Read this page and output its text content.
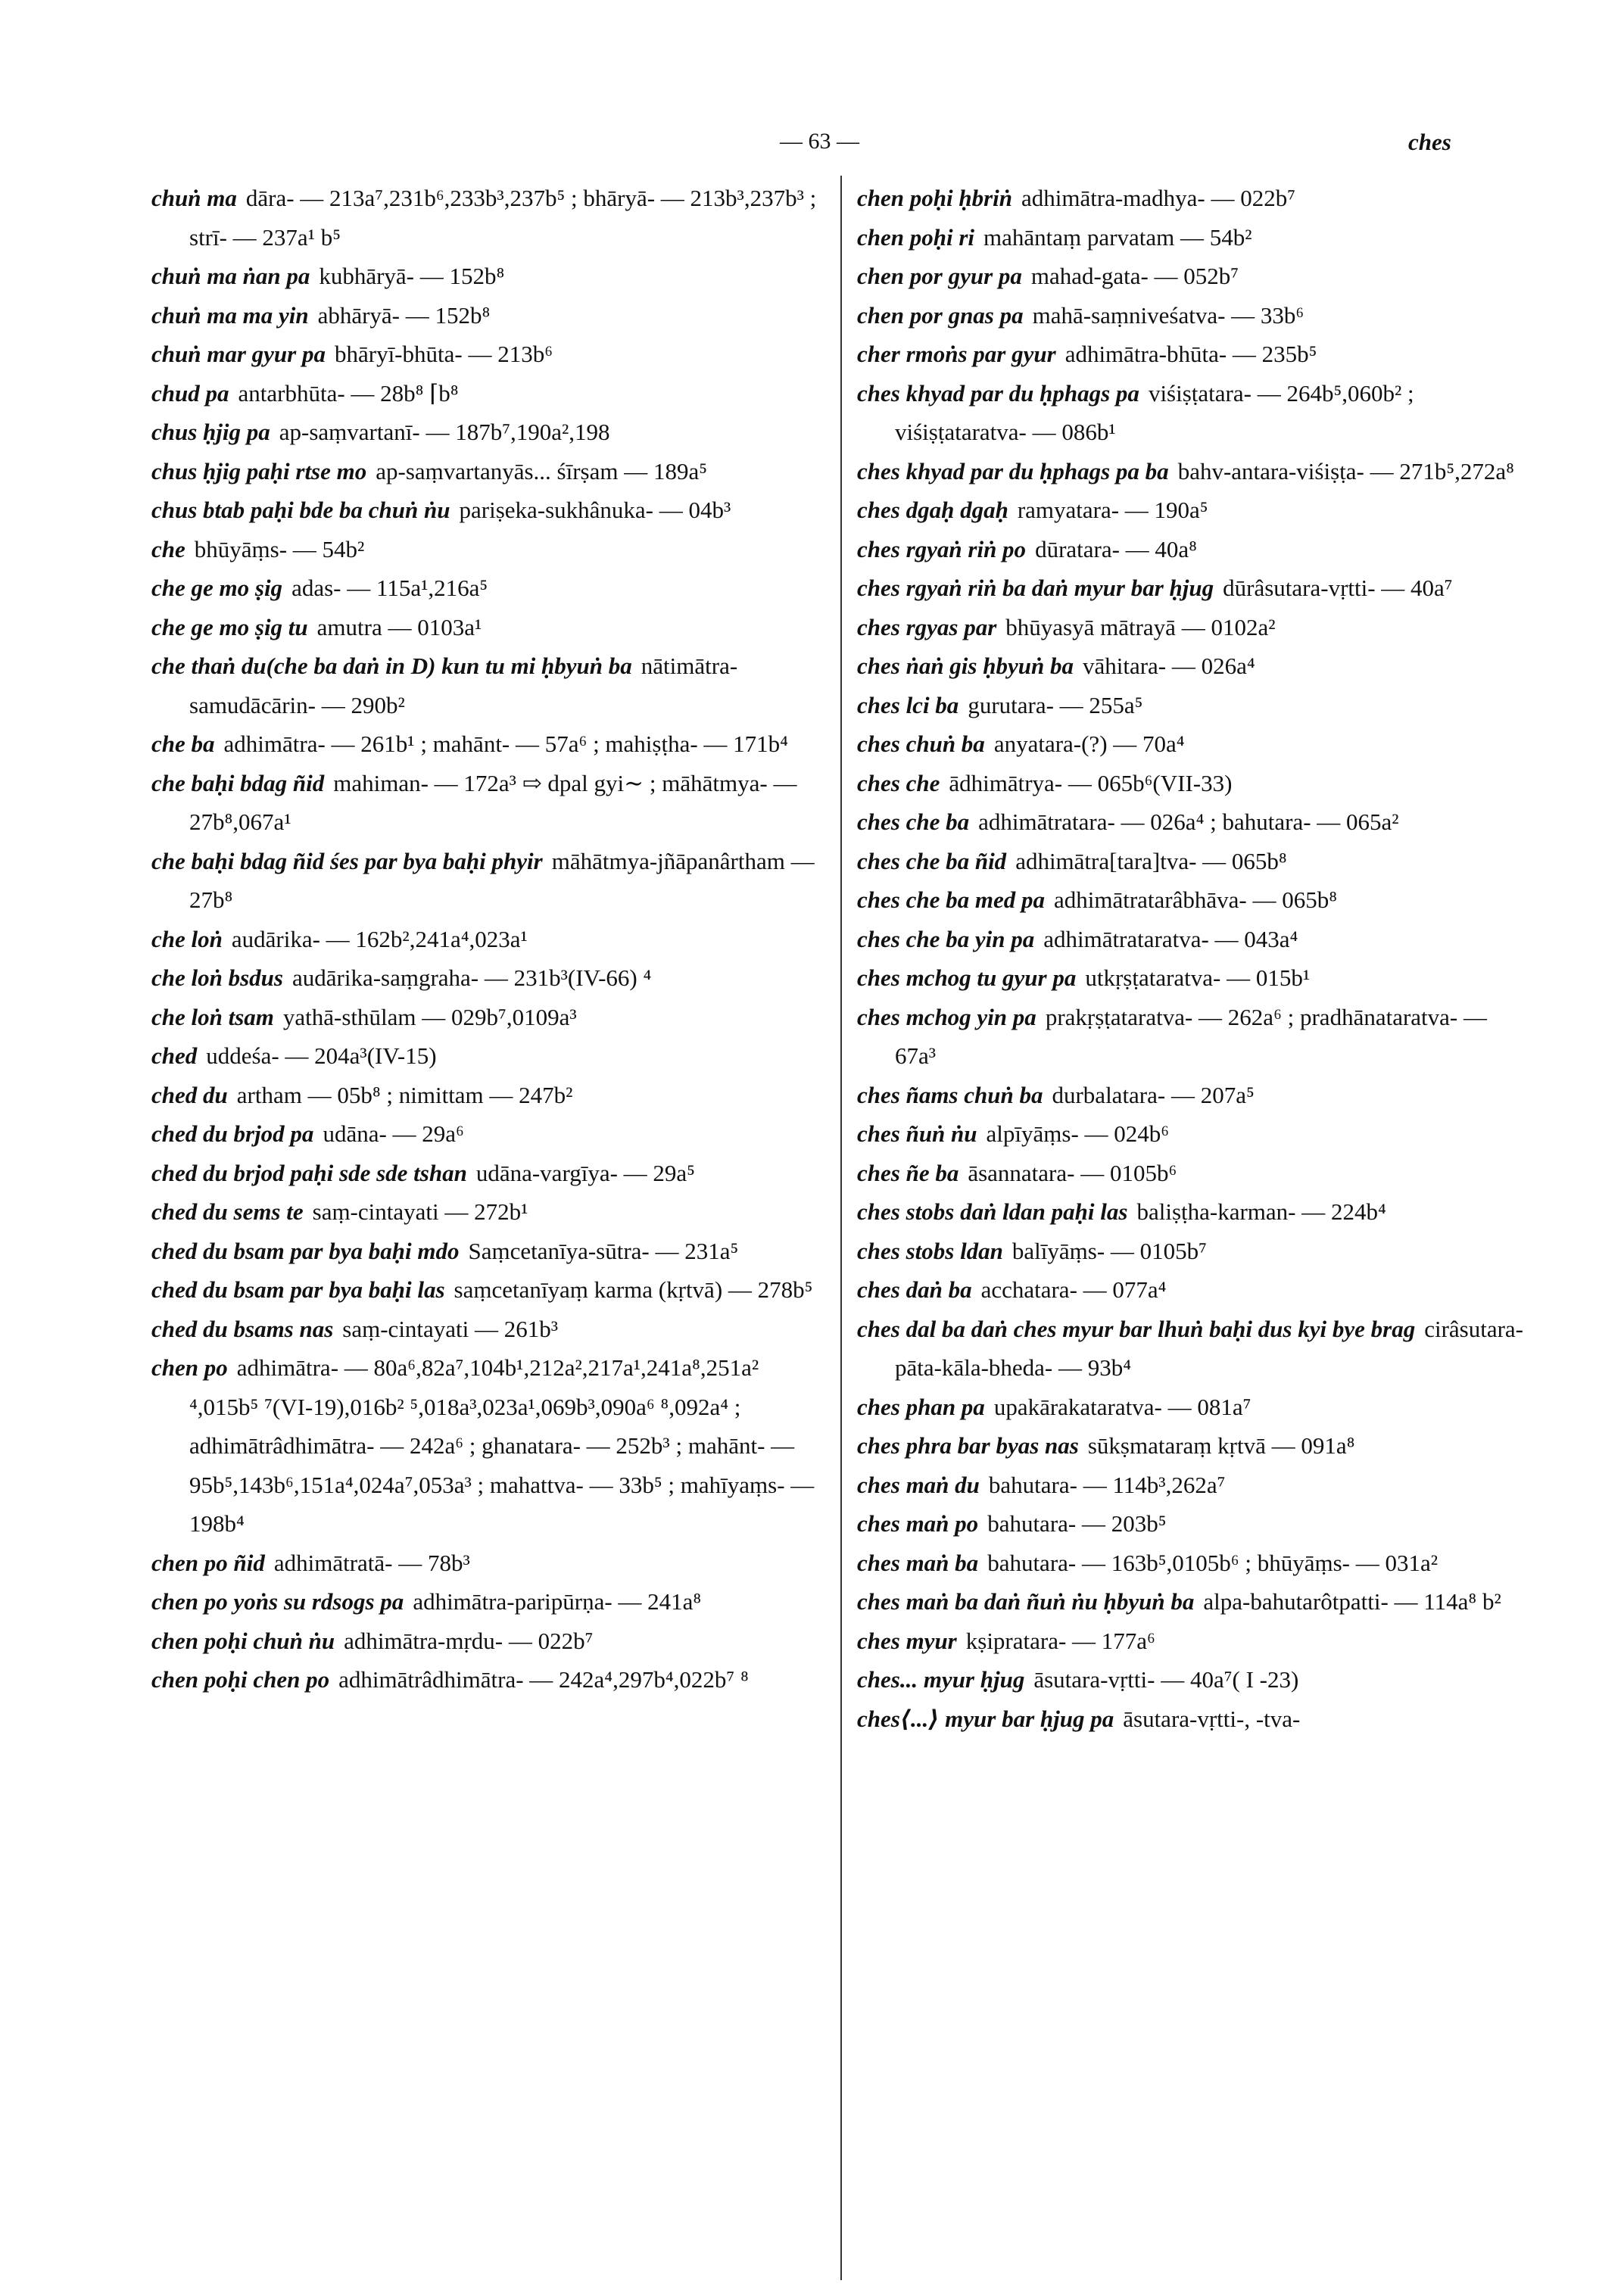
— 63 —	ches
chuṅ ma dāra- — 213a⁷,231b⁶,233b³,237b⁵ ; bhāryā- — 213b³,237b³ ; strī- — 237a¹ b⁵
chuṅ ma ṅan pa kubhāryā- — 152b⁸
chuṅ ma ma yin abhāryā- — 152b⁸
chuṅ mar gyur pa bhāryī-bhūta- — 213b⁶
chud pa antarbhūta- — 28b⁸ ⌈b⁸
chus ḥjig pa ap-saṃvartanī- — 187b⁷,190a²,198
chus ḥjig paḥi rtse mo ap-saṃvartanyās... śīrṣam — 189a⁵
chus btab paḥi bde ba chuṅ ṅu pariṣeka-sukhânuka- — 04b³
che bhūyāṃs- — 54b²
che ge mo ṣig adas- — 115a¹,216a⁵
che ge mo ṣig tu amutra — 0103a¹
che thaṅ du(che ba daṅ in D) kun tu mi ḥbyuṅ ba nātimātra-samudācārin- — 290b²
che ba adhimātra- — 261b¹ ; mahānt- — 57a⁶ ; mahiṣṭha- — 171b⁴
che baḥi bdag ñid mahiman- — 172a³ ⇨ dpal gyi∼ ; māhātmya- — 27b⁸,067a¹
che baḥi bdag ñid śes par bya baḥi phyir māhātmya-jñāpanârtham — 27b⁸
che loṅ audārika- — 162b²,241a⁴,023a¹
che loṅ bsdus audārika-saṃgraha- — 231b³(IV-66) ⁴
che loṅ tsam yathā-sthūlam — 029b⁷,0109a³
ched uddeśa- — 204a³(IV-15)
ched du artham — 05b⁸ ; nimittam — 247b²
ched du brjod pa udāna- — 29a⁶
ched du brjod paḥi sde sde tshan udāna-vargīya- — 29a⁵
ched du sems te saṃ-cintayati — 272b¹
ched du bsam par bya baḥi mdo Saṃcetanīya-sūtra- — 231a⁵
ched du bsam par bya baḥi las saṃcetanīyaṃ karma (kṛtvā) — 278b⁵
ched du bsams nas saṃ-cintayati — 261b³
chen po adhimātra- — 80a⁶,82a⁷,104b¹,212a²,217a¹,241a⁸,251a² ⁴,015b⁵ ⁷(VI-19),016b² ⁵,018a³,023a¹,069b³,090a⁶ ⁸,092a⁴ ; adhimātrâdhimātra- — 242a⁶ ; ghanatara- — 252b³ ; mahānt- — 95b⁵,143b⁶,151a⁴,024a⁷,053a³ ; mahattva- — 33b⁵ ; mahīyaṃs- — 198b⁴
chen po ñid adhimātratā- — 78b³
chen po yoṅs su rdsogs pa adhimātra-paripūrṇa- — 241a⁸
chen poḥi chuṅ ṅu adhimātra-mṛdu- — 022b⁷
chen poḥi chen po adhimātrâdhimātra- — 242a⁴,297b⁴,022b⁷ ⁸
chen poḥi ḥbriṅ adhimātra-madhya- — 022b⁷
chen poḥi ri mahāntaṃ parvatam — 54b²
chen por gyur pa mahad-gata- — 052b⁷
chen por gnas pa mahā-saṃniveśatva- — 33b⁶
cher rmoṅs par gyur adhimātra-bhūta- — 235b⁵
ches khyad par du ḥphags pa viśiṣṭatara- — 264b⁵,060b² ; viśiṣṭataratva- — 086b¹
ches khyad par du ḥphags pa ba bahv-antara-viśiṣṭa- — 271b⁵,272a⁸
ches dgaḥ dgaḥ ramyatara- — 190a⁵
ches rgyaṅ riṅ po dūratara- — 40a⁸
ches rgyaṅ riṅ ba daṅ myur bar ḥjug dūrâsutara-vṛtti- — 40a⁷
ches rgyas par bhūyasyā mātrayā — 0102a²
ches ṅaṅ gis ḥbyuṅ ba vāhitara- — 026a⁴
ches lci ba gurutara- — 255a⁵
ches chuṅ ba anyatara-(?) — 70a⁴
ches che ādhimātrya- — 065b⁶(VII-33)
ches che ba adhimātratara- — 026a⁴ ; bahutara- — 065a²
ches che ba ñid adhimātra[tara]tva- — 065b⁸
ches che ba med pa adhimātratarâbhāva- — 065b⁸
ches che ba yin pa adhimātrataratva- — 043a⁴
ches mchog tu gyur pa utkṛṣṭataratva- — 015b¹
ches mchog yin pa prakṛṣṭataratva- — 262a⁶ ; pradhānataratva- — 67a³
ches ñams chuṅ ba durbalatara- — 207a⁵
ches ñuṅ ṅu alpīyāṃs- — 024b⁶
ches ñe ba āsannatara- — 0105b⁶
ches stobs daṅ ldan paḥi las baliṣṭha-karman- — 224b⁴
ches stobs ldan balīyāṃs- — 0105b⁷
ches daṅ ba acchatara- — 077a⁴
ches dal ba daṅ ches myur bar lhuṅ baḥi dus kyi bye brag cirâsutara-pāta-kāla-bheda- — 93b⁴
ches phan pa upakārakataratva- — 081a⁷
ches phra bar byas nas sūkṣmataraṃ kṛtvā — 091a⁸
ches maṅ du bahutara- — 114b³,262a⁷
ches maṅ po bahutara- — 203b⁵
ches maṅ ba bahutara- — 163b⁵,0105b⁶ ; bhūyāṃs- — 031a²
ches maṅ ba daṅ ñuṅ ṅu ḥbyuṅ ba alpa-bahutarôtpatti- — 114a⁸ b²
ches myur kṣipratara- — 177a⁶
ches... myur ḥjug āsutara-vṛtti- — 40a⁷( I -23)
ches⟨...⟩ myur bar ḥjug pa āsutara-vṛtti-, -tva-
